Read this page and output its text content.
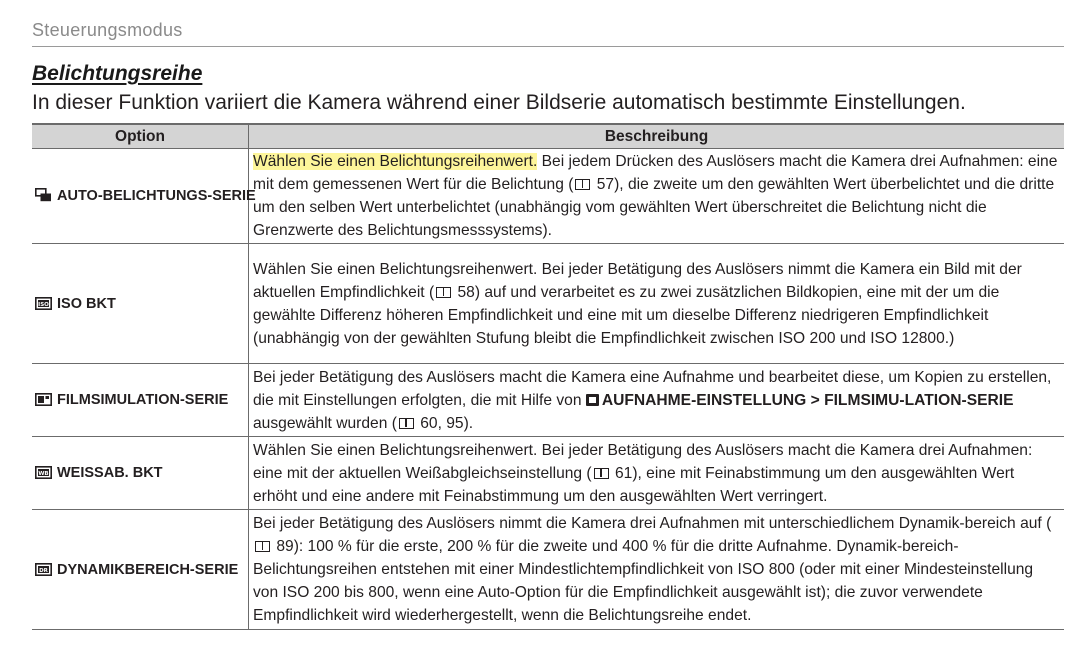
Steuerungsmodus
Belichtungsreihe
In dieser Funktion variiert die Kamera während einer Bildserie automatisch bestimmte Einstellungen.
Option	Beschreibung
AUTO-BELICHTUNGS-SERIE	Wählen Sie einen Belichtungsreihenwert. Bei jedem Drücken des Auslösers macht die Kamera drei Aufnahmen: eine mit dem gemessenen Wert für die Belichtung ( 57), die zweite um den gewählten Wert überbelichtet und die dritte um den selben Wert unterbelichtet (unabhängig vom gewählten Wert überschreitet die Belichtung nicht die Grenzwerte des Belichtungsmesssystems).

ISO ISO BKT	Wählen Sie einen Belichtungsreihenwert. Bei jeder Betätigung des Auslösers nimmt die Kamera ein Bild mit der aktuellen Empfindlichkeit ( 58) auf und verarbeitet es zu zwei zusätzlichen Bildkopien, eine mit der um die gewählte Differenz höheren Empfindlichkeit und eine mit um dieselbe Differenz niedrigeren Empfindlichkeit (unabhängig von der gewählten Stufung bleibt die Empfindlichkeit zwischen ISO 200 und ISO 12800.)
FILMSIMULATION-SERIE	Bei jeder Betätigung des Auslösers macht die Kamera eine Aufnahme und bearbeitet diese, um Kopien zu erstellen, die mit Einstellungen erfolgten, die mit Hilfe von AUFNAHME-EINSTELLUNG > FILMSIMU-LATION-SERIE ausgewählt wurden ( 60, 95).

WB WEISSAB. BKT	Wählen Sie einen Belichtungsreihenwert. Bei jeder Betätigung des Auslösers macht die Kamera drei Aufnahmen: eine mit der aktuellen Weißabgleichseinstellung ( 61), eine mit Feinabstimmung um den ausgewählten Wert erhöht und eine andere mit Feinabstimmung um den ausgewählten Wert verringert.

DR DYNAMIKBEREICH-SERIE	Bei jeder Betätigung des Auslösers nimmt die Kamera drei Aufnahmen mit unterschiedlichem Dynamik-bereich auf ( 89): 100 % für die erste, 200 % für die zweite und 400 % für die dritte Aufnahme. Dynamik-bereich-Belichtungsreihen entstehen mit einer Mindestlichtempfindlichkeit von ISO 800 (oder mit einer Mindesteinstellung von ISO 200 bis 800, wenn eine Auto-Option für die Empfindlichkeit ausgewählt ist); die zuvor verwendete Empfindlichkeit wird wiederhergestellt, wenn die Belichtungsreihe endet.
